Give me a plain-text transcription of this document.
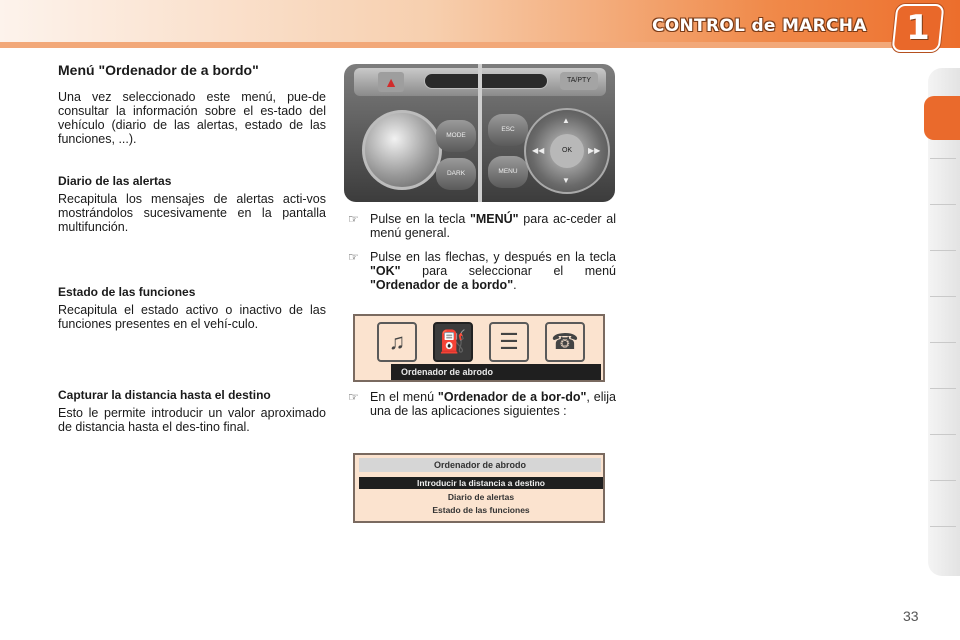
CONTROL de MARCHA 1
Menú "Ordenador de a bordo"

Una vez seleccionado este menú, pue-de consultar la información sobre el es-tado del vehículo (diario de las alertas, estado de las funciones, ...).

Diario de las alertas

Recapitula los mensajes de alertas acti-vos mostrándolos sucesivamente en la pantalla multifunción.

Estado de las funciones

Recapitula el estado activo o inactivo de las funciones presentes en el vehí-culo.

Capturar la distancia hasta el destino

Esto le permite introducir un valor aproximado de distancia hasta el des-tino final.

▲	TA/PTY
MODE
DARK
ESC
MENU
OK
▲
▼
◀◀	▶▶
☞ Pulse en la tecla "MENÚ" para ac-ceder al menú general.
☞ Pulse en las flechas, y después en la tecla "OK" para seleccionar el menú "Ordenador de a bordo".
♫	⛽	☰	☎
Ordenador de abrodo
☞ En el menú "Ordenador de a bor-do", elija una de las aplicaciones siguientes :
Ordenador de abrodo
Introducir la distancia a destino
Diario de alertas
Estado de las funciones
33
